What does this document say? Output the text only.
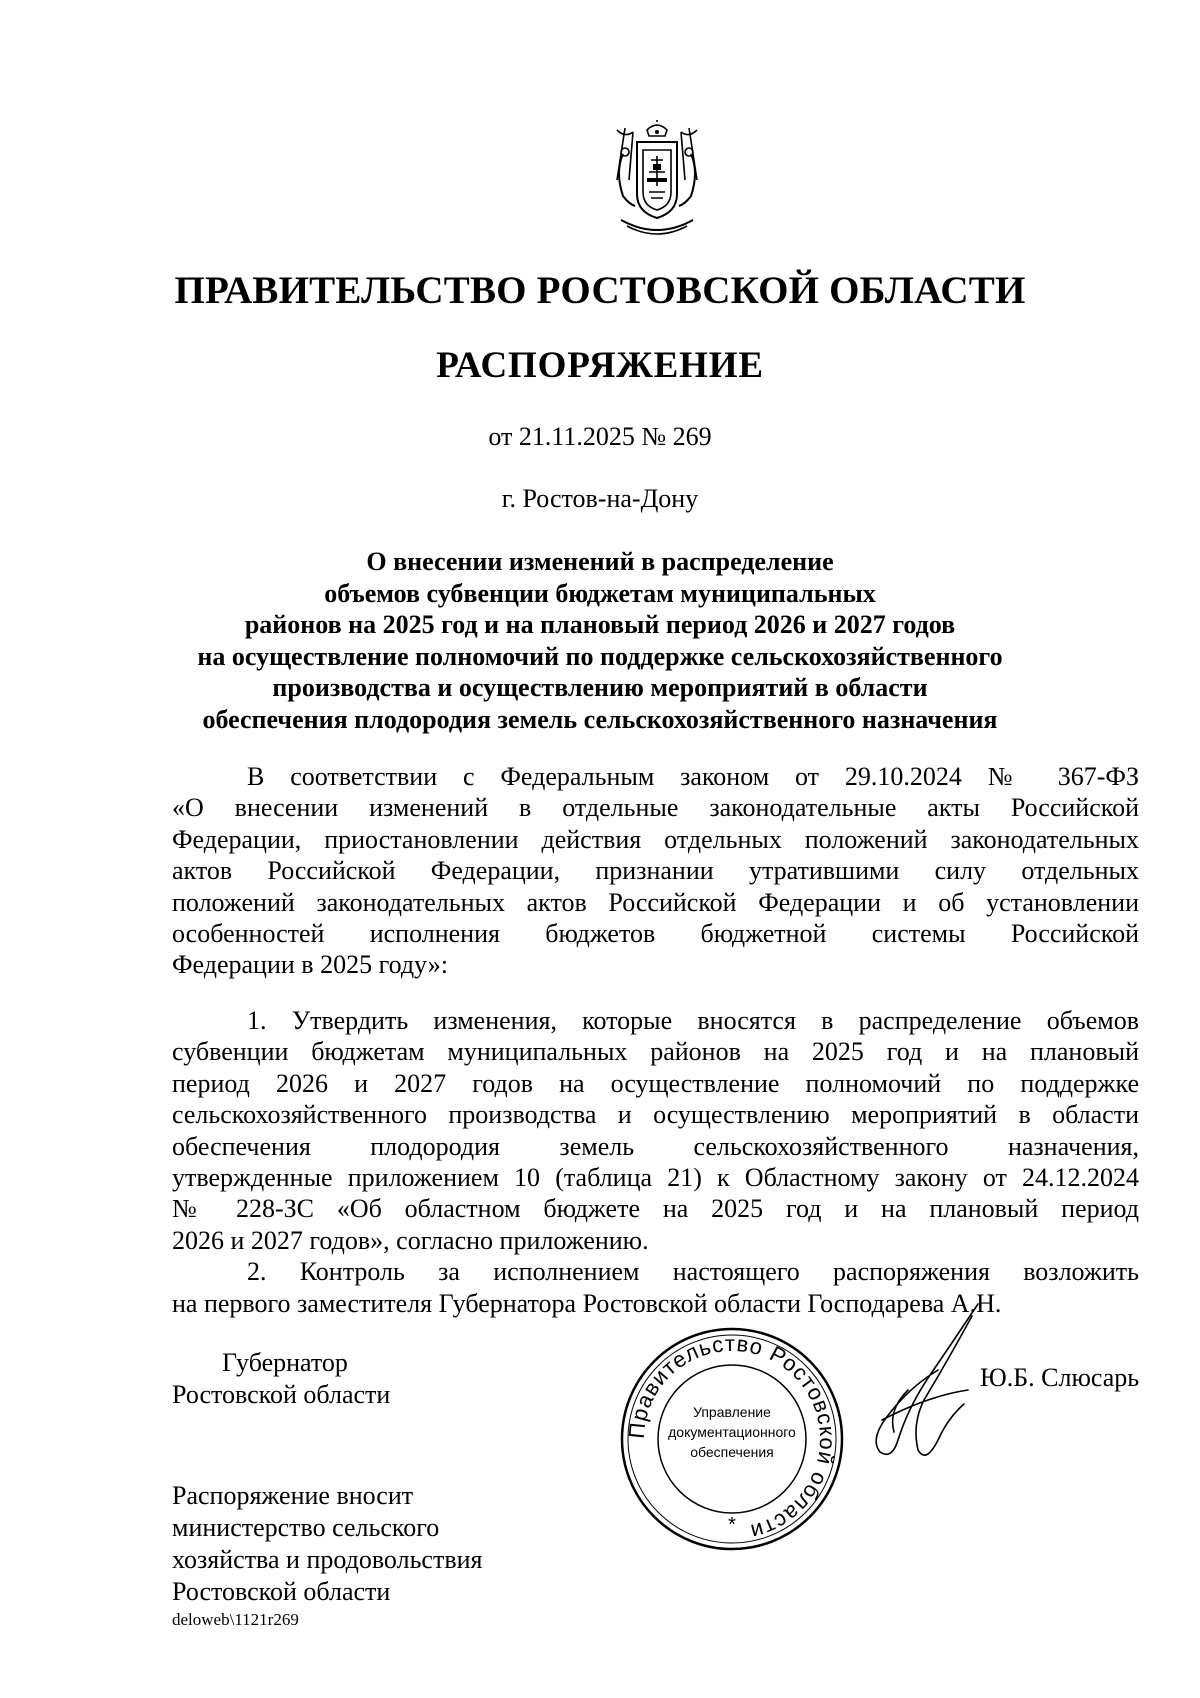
ПРАВИТЕЛЬСТВО РОСТОВСКОЙ ОБЛАСТИ
РАСПОРЯЖЕНИЕ
от 21.11.2025 № 269
г. Ростов-на-Дону
О внесении изменений в распределение
объемов субвенции бюджетам муниципальных
районов на 2025 год и на плановый период 2026 и 2027 годов
на осуществление полномочий по поддержке сельскохозяйственного
производства и осуществлению мероприятий в области
обеспечения плодородия земель сельскохозяйственного назначения
В соответствии с Федеральным законом от 29.10.2024 № 367-ФЗ
«О внесении изменений в отдельные законодательные акты Российской
Федерации, приостановлении действия отдельных положений законодательных
актов Российской Федерации, признании утратившими силу отдельных
положений законодательных актов Российской Федерации и об установлении
особенностей исполнения бюджетов бюджетной системы Российской
Федерации в 2025 году»:
1. Утвердить изменения, которые вносятся в распределение объемов
субвенции бюджетам муниципальных районов на 2025 год и на плановый
период 2026 и 2027 годов на осуществление полномочий по поддержке
сельскохозяйственного производства и осуществлению мероприятий в области
обеспечения плодородия земель сельскохозяйственного назначения,
утвержденные приложением 10 (таблица 21) к Областному закону от 24.12.2024
№ 228-ЗС «Об областном бюджете на 2025 год и на плановый период
2026 и 2027 годов», согласно приложению.
2. Контроль за исполнением настоящего распоряжения возложить
на первого заместителя Губернатора Ростовской области Господарева А.Н.
Губернатор
Ростовской области
Правительство Ростовской области
Управление
документационного
обеспечения
*
Ю.Б. Слюсарь
Распоряжение вносит
министерство сельского
хозяйства и продовольствия
Ростовской области
deloweb\1121r269
